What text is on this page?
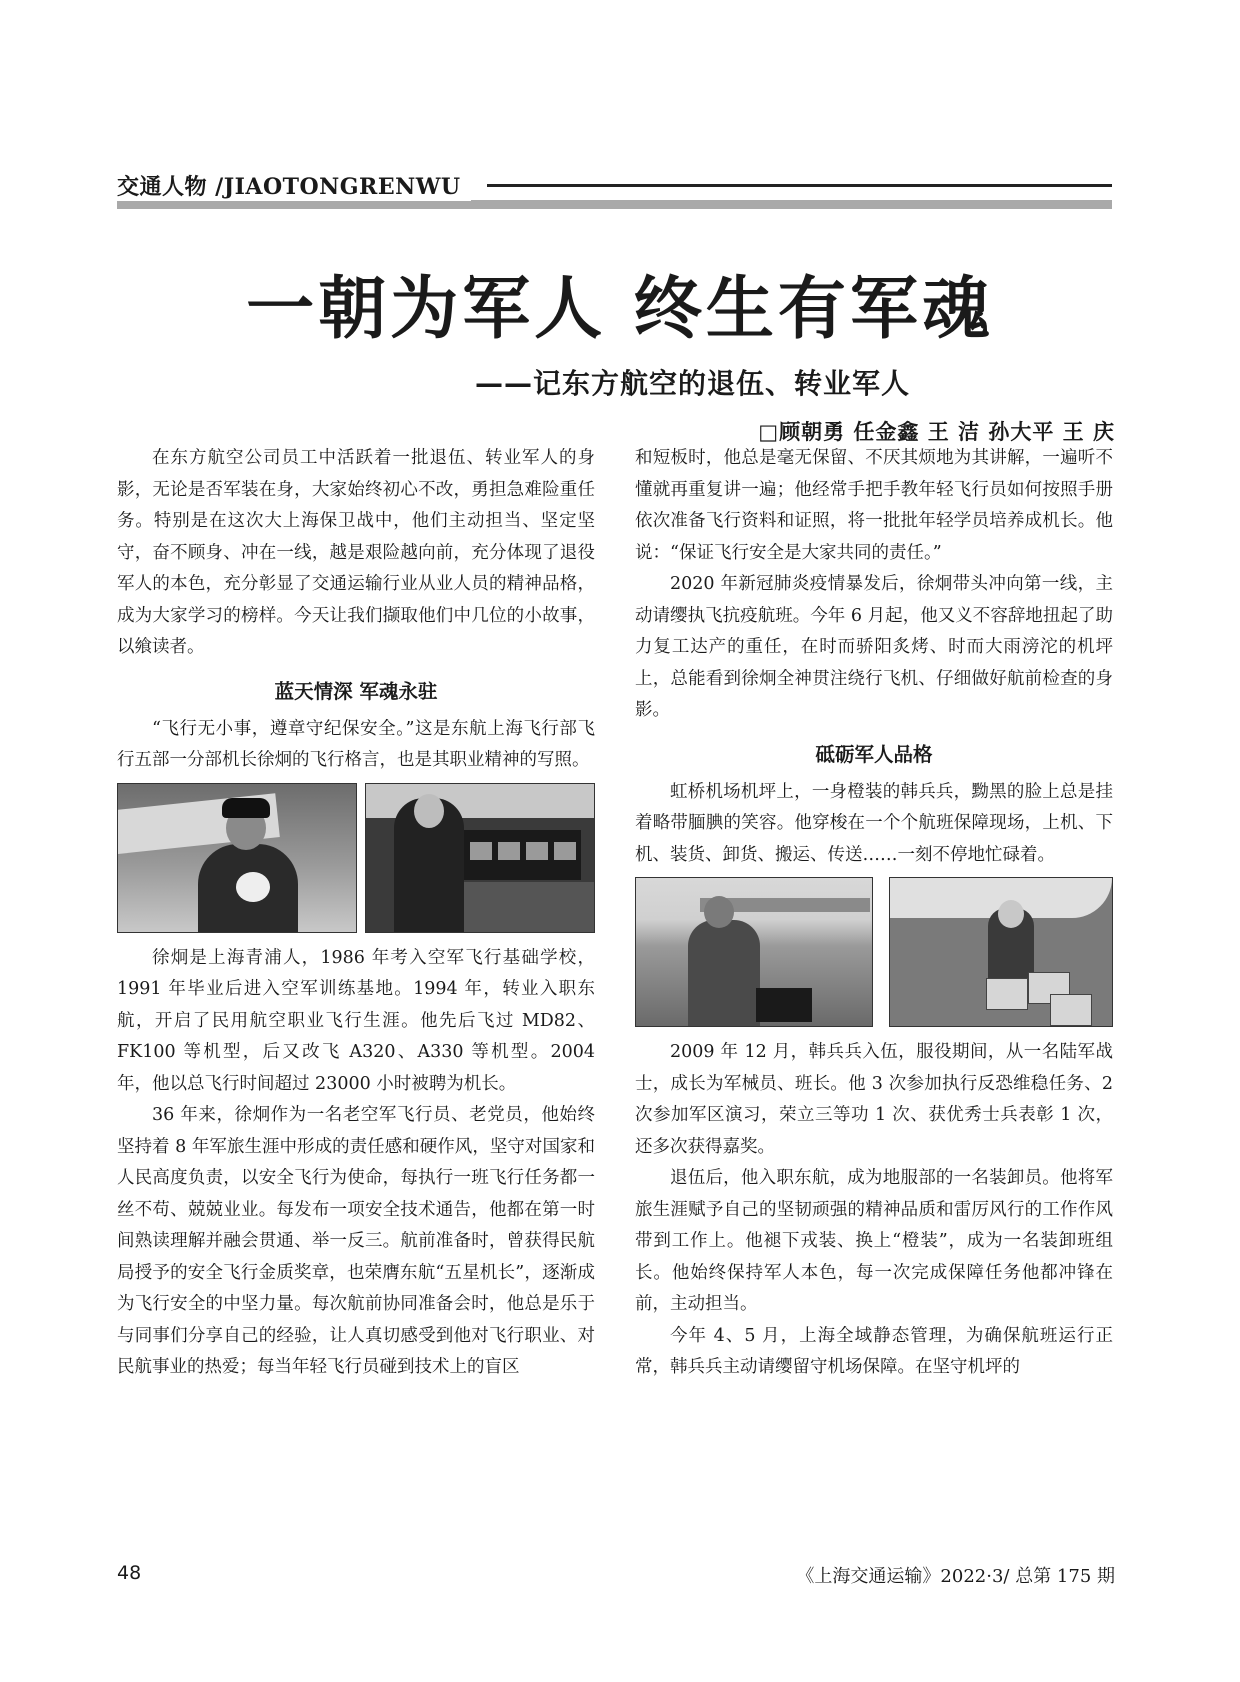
交通人物 /JIAOTONGRENWU
一朝为军人 终生有军魂
——记东方航空的退伍、转业军人
□顾朝勇 任金鑫 王 洁 孙大平 王 庆

在东方航空公司员工中活跃着一批退伍、转业军人的身影，无论是否军装在身，大家始终初心不改，勇担急难险重任务。特别是在这次大上海保卫战中，他们主动担当、坚定坚守，奋不顾身、冲在一线，越是艰险越向前，充分体现了退役军人的本色，充分彰显了交通运输行业从业人员的精神品格，成为大家学习的榜样。今天让我们撷取他们中几位的小故事，以飨读者。

蓝天情深 军魂永驻

“飞行无小事，遵章守纪保安全。”这是东航上海飞行部飞行五部一分部机长徐炯的飞行格言，也是其职业精神的写照。

徐炯是上海青浦人，1986 年考入空军飞行基础学校，1991 年毕业后进入空军训练基地。1994 年，转业入职东航，开启了民用航空职业飞行生涯。他先后飞过 MD82、FK100 等机型，后又改飞 A320、A330 等机型。2004 年，他以总飞行时间超过 23000 小时被聘为机长。

36 年来，徐炯作为一名老空军飞行员、老党员，他始终坚持着 8 年军旅生涯中形成的责任感和硬作风，坚守对国家和人民高度负责，以安全飞行为使命，每执行一班飞行任务都一丝不苟、兢兢业业。每发布一项安全技术通告，他都在第一时间熟读理解并融会贯通、举一反三。航前准备时，曾获得民航局授予的安全飞行金质奖章，也荣膺东航“五星机长”，逐渐成为飞行安全的中坚力量。每次航前协同准备会时，他总是乐于与同事们分享自己的经验，让人真切感受到他对飞行职业、对民航事业的热爱；每当年轻飞行员碰到技术上的盲区

和短板时，他总是毫无保留、不厌其烦地为其讲解，一遍听不懂就再重复讲一遍；他经常手把手教年轻飞行员如何按照手册依次准备飞行资料和证照，将一批批年轻学员培养成机长。他说：“保证飞行安全是大家共同的责任。”

2020 年新冠肺炎疫情暴发后，徐炯带头冲向第一线，主动请缨执飞抗疫航班。今年 6 月起，他又义不容辞地扭起了助力复工达产的重任，在时而骄阳炙烤、时而大雨滂沱的机坪上，总能看到徐炯全神贯注绕行飞机、仔细做好航前检查的身影。

砥砺军人品格

虹桥机场机坪上，一身橙装的韩兵兵，黝黑的脸上总是挂着略带腼腆的笑容。他穿梭在一个个航班保障现场，上机、下机、装货、卸货、搬运、传送……一刻不停地忙碌着。

2009 年 12 月，韩兵兵入伍，服役期间，从一名陆军战士，成长为军械员、班长。他 3 次参加执行反恐维稳任务、2 次参加军区演习，荣立三等功 1 次、获优秀士兵表彰 1 次，还多次获得嘉奖。

退伍后，他入职东航，成为地服部的一名装卸员。他将军旅生涯赋予自己的坚韧顽强的精神品质和雷厉风行的工作作风带到工作上。他褪下戎装、换上“橙装”，成为一名装卸班组长。他始终保持军人本色，每一次完成保障任务他都冲锋在前，主动担当。

今年 4、5 月，上海全域静态管理，为确保航班运行正常，韩兵兵主动请缨留守机场保障。在坚守机坪的

48	《上海交通运输》2022·3/ 总第 175 期
